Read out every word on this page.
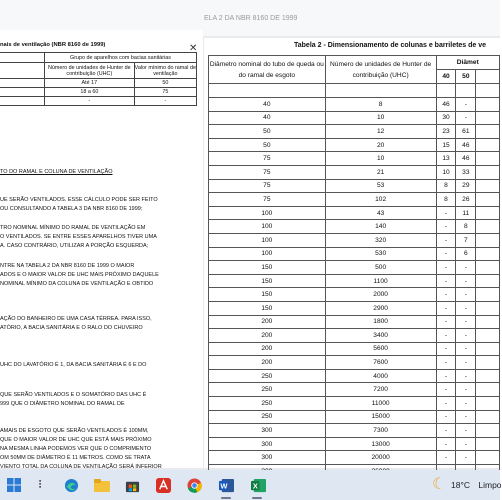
ELA 2 DA NBR 8160 DE 1999
✕
nais de ventilação (NBR 8160 de 1999)
	Grupo de aparelhos com bacias sanitárias	
	Número de unidades de Hunter de contribuição (UHC)	Valor mínimo do ramal de ventilação
	Até 17	50
	18 a 60	75
	-	-
TO DO RAMAL E COLUNA DE VENTILAÇÃO
UE SERÃO VENTILADOS. ESSE CÁLCULO PODE SER FEITO
OU CONSULTANDO A TABELA 3 DA NBR 8160 DE 1999;
TRO NOMINAL MÍNIMO DO RAMAL DE VENTILAÇÃO EM
O VENTILADOS. SE ENTRE ESSES APARELHOS TIVER UMA
A. CASO CONTRÁRIO, UTILIZAR A PORÇÃO ESQUERDA;
NTRE NA TABELA 2 DA NBR 8160 DE 1999 O MAIOR
ADOS E O MAIOR VALOR DE UHC MAIS PRÓXIMO DAQUELE
NOMINAL MÍNIMO DA COLUNA DE VENTILAÇÃO E OBTIDO
AÇÃO DO BANHEIRO DE UMA CASA TÉRREA. PARA ISSO,
ATÓRIO, A BACIA SANITÁRIA E O RALO DO CHUVEIRO
UHC DO LAVATÓRIO É 1, DA BACIA SANITÁRIA É 6 E DO
QUE SERÃO VENTILADOS E O SOMATÓRIO DAS UHC É
999 QUE O DIÂMETRO NOMINAL DO RAMAL DE
AMAIS DE ESGOTO QUE SERÃO VENTILADOS É 100MM,
QUE O MAIOR VALOR DE UHC QUE ESTÁ MAIS PRÓXIMO
NA MESMA LINHA PODEMOS VER QUE O COMPRIMENTO
OM 50MM DE DIÂMETRO É 11 METROS. COMO SE TRATA
VIENTO TOTAL DA COLUNA DE VENTILAÇÃO SERÁ INFERIOR
Tabela 2 - Dimensionamento de colunas e barriletes de ve
Diâmetro nominal do tubo de queda ou do ramal de esgoto	Número de unidades de Hunter de contribuição (UHC)	Diâmet		
		40	50	

40	8	46	-	
40	10	30	-	
50	12	23	61	
50	20	15	46	
75	10	13	46	
75	21	10	33	
75	53	8	29	
75	102	8	26	
100	43	-	11	
100	140	-	8	
100	320	-	7	
100	530	-	6	
150	500	-	-	
150	1100	-	-	
150	2000	-	-	
150	2900	-	-	
200	1800	-	-	
200	3400	-	-	
200	5600	-	-	
200	7600	-	-	
250	4000	-	-	
250	7200	-	-	
250	11000	-	-	
250	15000	-	-	
300	7300	-	-	
300	13000	-	-	
300	20000	-	-	

⫶	W	X	☾ 18°C Limpo
